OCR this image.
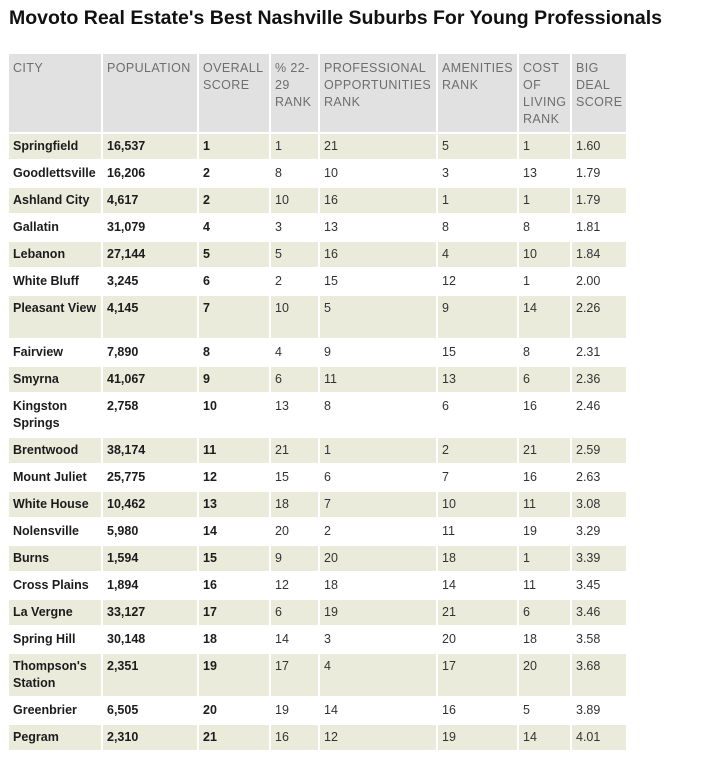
Movoto Real Estate's Best Nashville Suburbs For Young Professionals
CITY	POPULATION	OVERALL SCORE	% 22-29 RANK	PROFESSIONAL OPPORTUNITIES RANK	AMENITIES RANK	COST OF LIVING RANK	BIG DEAL SCORE
Springfield	16,537	1	1	21	5	1	1.60
Goodlettsville	16,206	2	8	10	3	13	1.79
Ashland City	4,617	2	10	16	1	1	1.79
Gallatin	31,079	4	3	13	8	8	1.81
Lebanon	27,144	5	5	16	4	10	1.84
White Bluff	3,245	6	2	15	12	1	2.00
Pleasant View	4,145	7	10	5	9	14	2.26
Fairview	7,890	8	4	9	15	8	2.31
Smyrna	41,067	9	6	11	13	6	2.36
Kingston Springs	2,758	10	13	8	6	16	2.46
Brentwood	38,174	11	21	1	2	21	2.59
Mount Juliet	25,775	12	15	6	7	16	2.63
White House	10,462	13	18	7	10	11	3.08
Nolensville	5,980	14	20	2	11	19	3.29
Burns	1,594	15	9	20	18	1	3.39
Cross Plains	1,894	16	12	18	14	11	3.45
La Vergne	33,127	17	6	19	21	6	3.46
Spring Hill	30,148	18	14	3	20	18	3.58
Thompson's Station	2,351	19	17	4	17	20	3.68
Greenbrier	6,505	20	19	14	16	5	3.89
Pegram	2,310	21	16	12	19	14	4.01
